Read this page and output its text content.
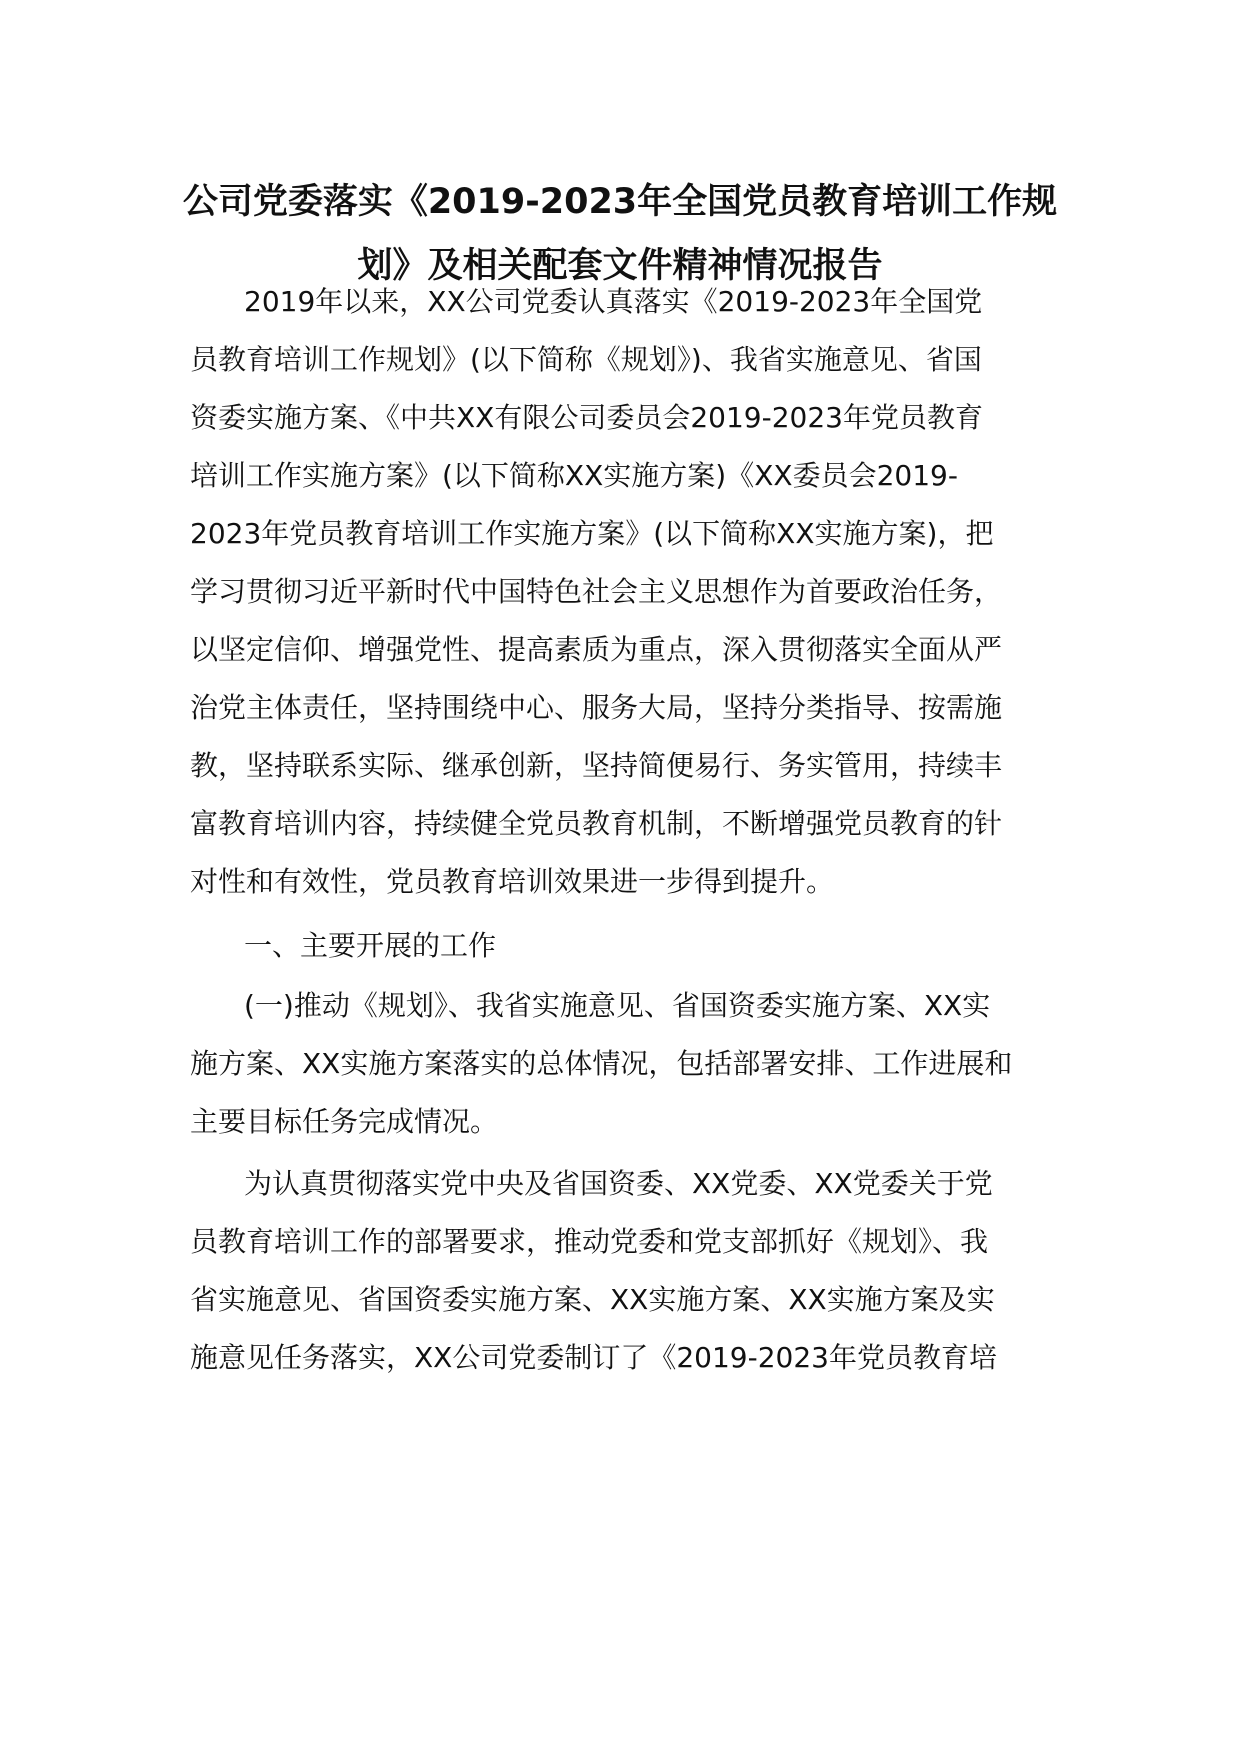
公司党委落实《2019-2023年全国党员教育培训工作规
划》及相关配套文件精神情况报告
2019年以来，XX公司党委认真落实《2019-2023年全国党
员教育培训工作规划》(以下简称《规划》)、我省实施意见、省国
资委实施方案、《中共XX有限公司委员会2019-2023年党员教育
培训工作实施方案》(以下简称XX实施方案)《XX委员会2019-
2023年党员教育培训工作实施方案》(以下简称XX实施方案)，把
学习贯彻习近平新时代中国特色社会主义思想作为首要政治任务，
以坚定信仰、增强党性、提高素质为重点，深入贯彻落实全面从严
治党主体责任，坚持围绕中心、服务大局，坚持分类指导、按需施
教，坚持联系实际、继承创新，坚持简便易行、务实管用，持续丰
富教育培训内容，持续健全党员教育机制，不断增强党员教育的针
对性和有效性，党员教育培训效果进一步得到提升。
一、主要开展的工作
(一)推动《规划》、我省实施意见、省国资委实施方案、XX实
施方案、XX实施方案落实的总体情况，包括部署安排、工作进展和
主要目标任务完成情况。
为认真贯彻落实党中央及省国资委、XX党委、XX党委关于党
员教育培训工作的部署要求，推动党委和党支部抓好《规划》、我
省实施意见、省国资委实施方案、XX实施方案、XX实施方案及实
施意见任务落实，XX公司党委制订了《2019-2023年党员教育培
